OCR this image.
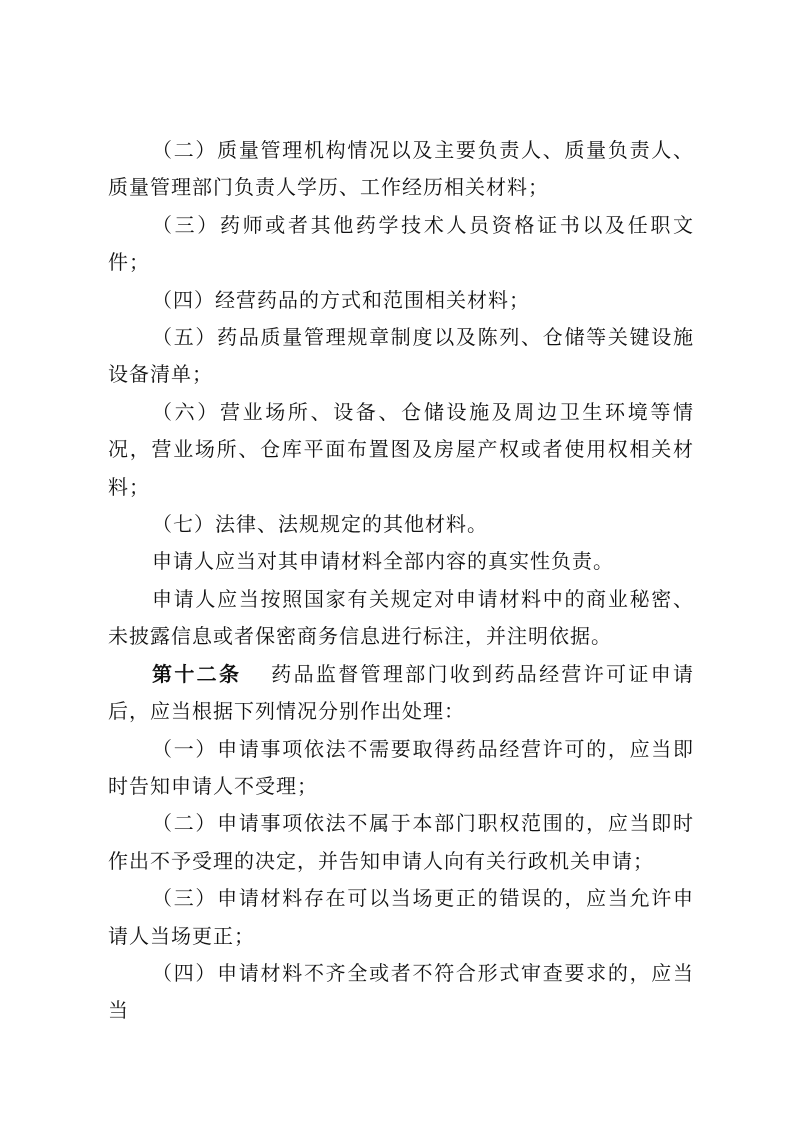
（二）质量管理机构情况以及主要负责人、质量负责人、质量管理部门负责人学历、工作经历相关材料；

（三）药师或者其他药学技术人员资格证书以及任职文件；

（四）经营药品的方式和范围相关材料；

（五）药品质量管理规章制度以及陈列、仓储等关键设施设备清单；

（六）营业场所、设备、仓储设施及周边卫生环境等情况，营业场所、仓库平面布置图及房屋产权或者使用权相关材料；

（七）法律、法规规定的其他材料。

申请人应当对其申请材料全部内容的真实性负责。

申请人应当按照国家有关规定对申请材料中的商业秘密、未披露信息或者保密商务信息进行标注，并注明依据。

第十二条 药品监督管理部门收到药品经营许可证申请后，应当根据下列情况分别作出处理：

（一）申请事项依法不需要取得药品经营许可的，应当即时告知申请人不受理；

（二）申请事项依法不属于本部门职权范围的，应当即时作出不予受理的决定，并告知申请人向有关行政机关申请；

（三）申请材料存在可以当场更正的错误的，应当允许申请人当场更正；

（四）申请材料不齐全或者不符合形式审查要求的，应当当
